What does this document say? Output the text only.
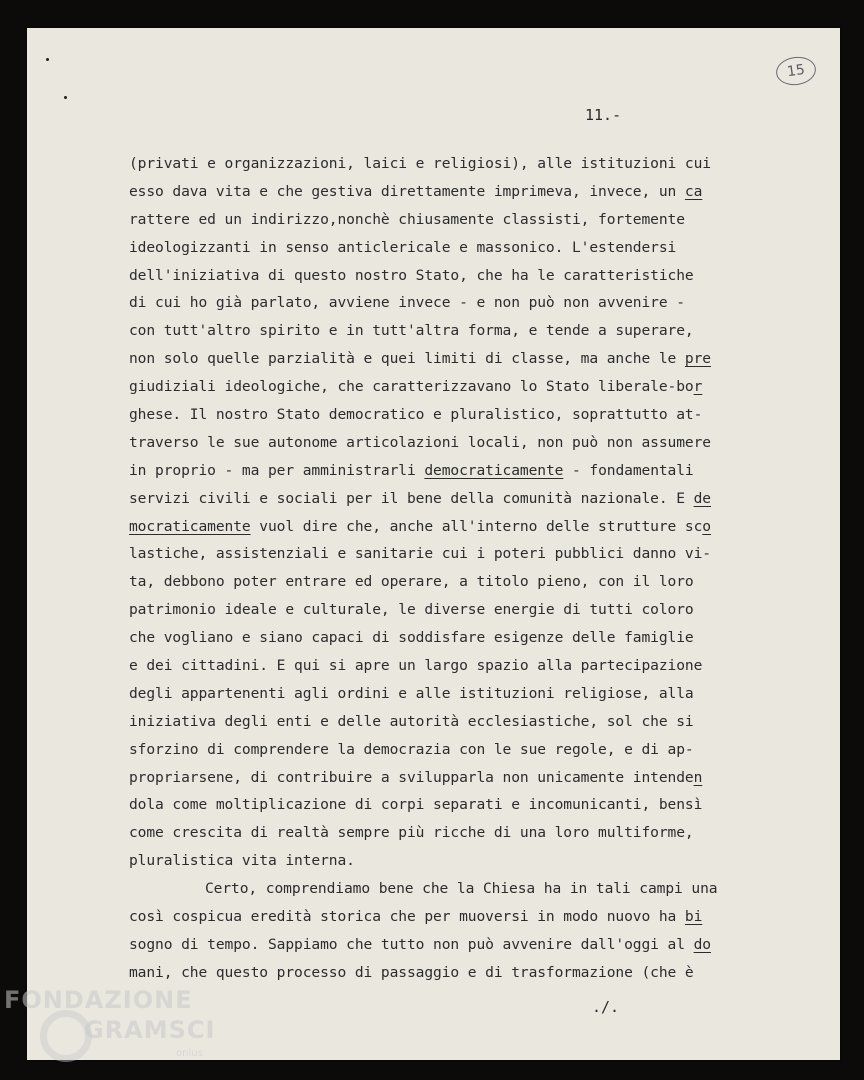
15
11.-
(privati e organizzazioni, laici e religiosi), alle istituzioni cui
esso dava vita e che gestiva direttamente imprimeva, invece, un ca
rattere ed un indirizzo,nonchè chiusamente classisti, fortemente
ideologizzanti in senso anticlericale e massonico. L'estendersi
dell'iniziativa di questo nostro Stato, che ha le caratteristiche
di cui ho già parlato, avviene invece - e non può non avvenire -
con tutt'altro spirito e in tutt'altra forma, e tende a superare,
non solo quelle parzialità e quei limiti di classe, ma anche le pre
giudiziali ideologiche, che caratterizzavano lo Stato liberale-bor
ghese. Il nostro Stato democratico e pluralistico, soprattutto at-
traverso le sue autonome articolazioni locali, non può non assumere
in proprio - ma per amministrarli democraticamente - fondamentali
servizi civili e sociali per il bene della comunità nazionale. E de
mocraticamente vuol dire che, anche all'interno delle strutture sco
lastiche, assistenziali e sanitarie cui i poteri pubblici danno vi-
ta, debbono poter entrare ed operare, a titolo pieno, con il loro
patrimonio ideale e culturale, le diverse energie di tutti coloro
che vogliano e siano capaci di soddisfare esigenze delle famiglie
e dei cittadini. E qui si apre un largo spazio alla partecipazione
degli appartenenti agli ordini e alle istituzioni religiose, alla
iniziativa degli enti e delle autorità ecclesiastiche, sol che si
sforzino di comprendere la democrazia con le sue regole, e di ap-
propriarsene, di contribuire a svilupparla non unicamente intenden
dola come moltiplicazione di corpi separati e incomunicanti, bensì
come crescita di realtà sempre più ricche di una loro multiforme,
pluralistica vita interna.
Certo, comprendiamo bene che la Chiesa ha in tali campi una
così cospicua eredità storica che per muoversi in modo nuovo ha bi
sogno di tempo. Sappiamo che tutto non può avvenire dall'oggi al do
mani, che questo processo di passaggio e di trasformazione (che è
./.
FONDAZIONE
GRAMSCI
onlus
